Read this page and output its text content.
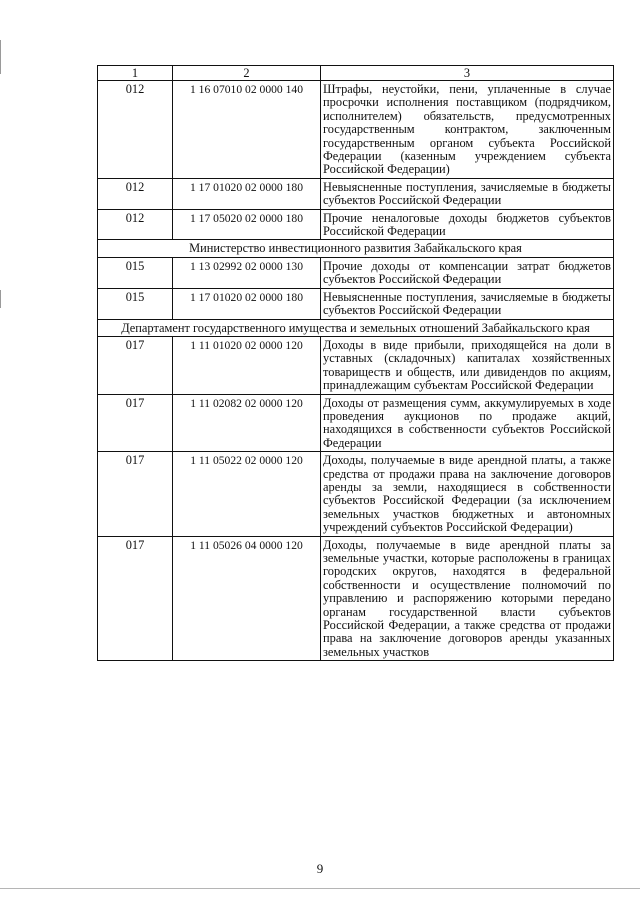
1	2	3
012	1 16 07010 02 0000 140	Штрафы, неустойки, пени, уплаченные в случае просрочки исполнения поставщиком (подрядчиком, исполнителем) обязательств, предусмотренных государственным контрактом, заключенным государственным органом субъекта Российской Федерации (казенным учреждением субъекта Российской Федерации)
012	1 17 01020 02 0000 180	Невыясненные поступления, зачисляемые в бюджеты субъектов Российской Федерации
012	1 17 05020 02 0000 180	Прочие неналоговые доходы бюджетов субъектов Российской Федерации
Министерство инвестиционного развития Забайкальского края		
015	1 13 02992 02 0000 130	Прочие доходы от компенсации затрат бюджетов субъектов Российской Федерации
015	1 17 01020 02 0000 180	Невыясненные поступления, зачисляемые в бюджеты субъектов Российской Федерации
Департамент государственного имущества и земельных отношений Забайкальского края		
017	1 11 01020 02 0000 120	Доходы в виде прибыли, приходящейся на доли в уставных (складочных) капиталах хозяйственных товариществ и обществ, или дивидендов по акциям, принадлежащим субъектам Российской Федерации
017	1 11 02082 02 0000 120	Доходы от размещения сумм, аккумулируемых в ходе проведения аукционов по продаже акций, находящихся в собственности субъектов Российской Федерации
017	1 11 05022 02 0000 120	Доходы, получаемые в виде арендной платы, а также средства от продажи права на заключение договоров аренды за земли, находящиеся в собственности субъектов Российской Федерации (за исключением земельных участков бюджетных и автономных учреждений субъектов Российской Федерации)
017	1 11 05026 04 0000 120	Доходы, получаемые в виде арендной платы за земельные участки, которые расположены в границах городских округов, находятся в федеральной собственности и осуществление полномочий по управлению и распоряжению которыми передано органам государственной власти субъектов Российской Федерации, а также средства от продажи права на заключение договоров аренды указанных земельных участков
9
